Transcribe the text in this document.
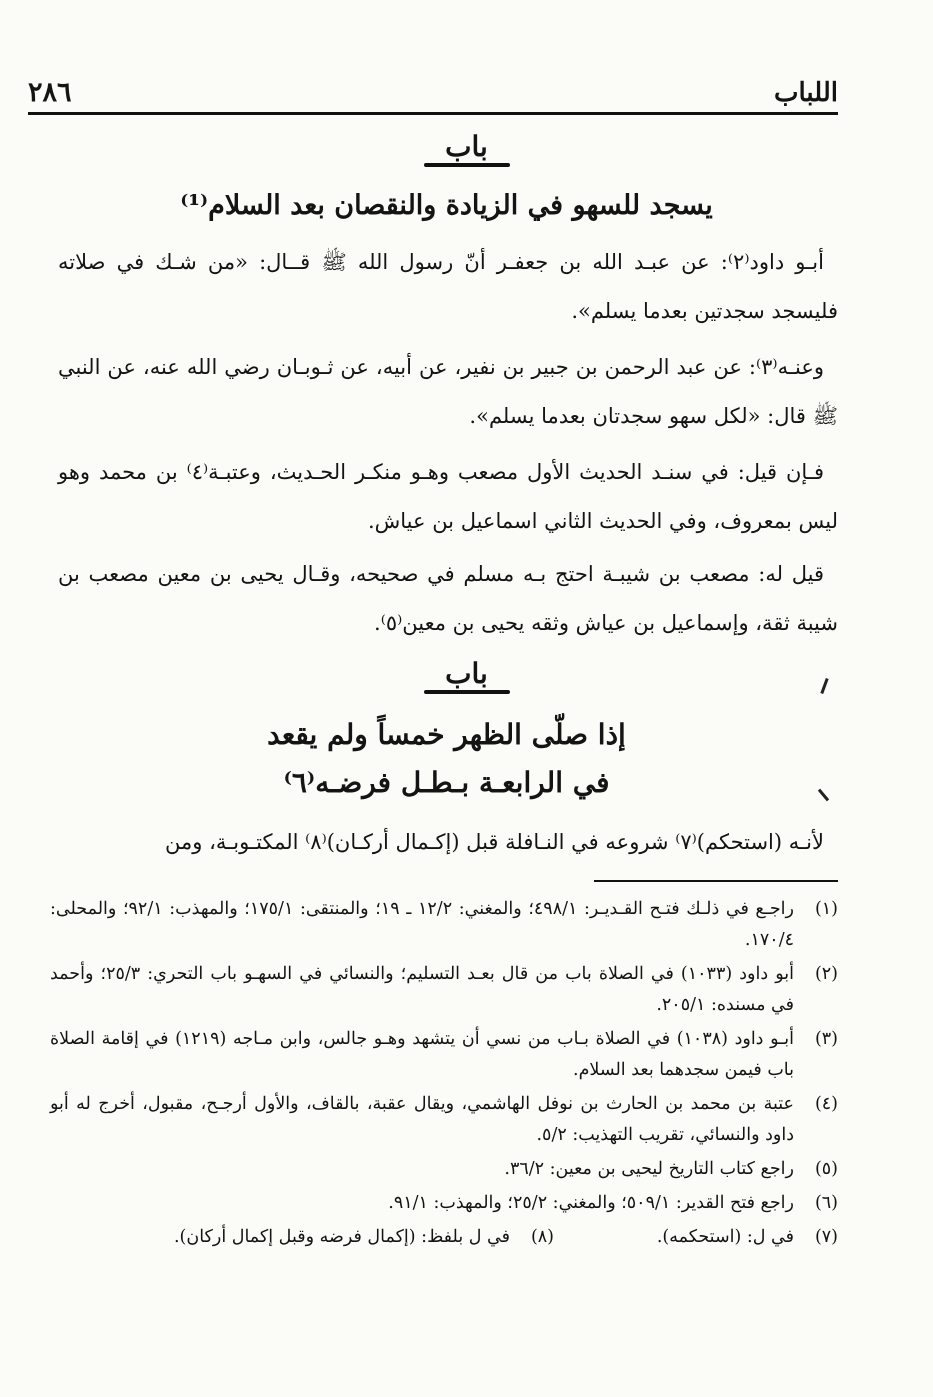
٢٨٦	اللباب
باب
يسجد للسهو في الزيادة والنقصان بعد السلام⁽¹⁾
أبـو داود⁽٢⁾: عن عبـد الله بن جعفـر أنّ رسول الله ﷺ قــال: «من شـك في صلاته فليسجد سجدتين بعدما يسلم».
وعنـه⁽٣⁾: عن عبد الرحمن بن جبير بن نفير، عن أبيه، عن ثـوبـان رضي الله عنه، عن النبي ﷺ قال: «لكل سهو سجدتان بعدما يسلم».
فـإن قيل: في سنـد الحديث الأول مصعب وهـو منكـر الحـديث، وعتبـة⁽٤⁾ بن محمد وهو ليس بمعروف، وفي الحديث الثاني اسماعيل بن عياش.
قيل له: مصعب بن شيبـة احتج بـه مسلم في صحيحه، وقـال يحيى بن معين مصعب بن شيبة ثقة، وإسماعيل بن عياش وثقه يحيى بن معين⁽٥⁾.
باب
إذا صلّى الظهر خمساً ولم يقعد
في الرابعـة بـطـل فرضـه⁽٦⁾
لأنـه (استحكم)⁽٧⁾ شروعه في النـافلة قبل (إكـمال أركـان)⁽٨⁾ المكتـوبـة، ومن
(١)
راجـع في ذلـك فتـح القـديـر: ٤٩٨/١؛ والمغني: ١٢/٢ ـ ١٩؛ والمنتقى: ١٧٥/١؛ والمهذب: ٩٢/١؛ والمحلى: ١٧٠/٤.
(٢)
أبو داود (١٠٣٣) في الصلاة باب من قال بعـد التسليم؛ والنسائي في السهـو باب التحري: ٢٥/٣؛ وأحمد في مسنده: ٢٠٥/١.
(٣)
أبـو داود (١٠٣٨) في الصلاة بـاب من نسي أن يتشهد وهـو جالس، وابن مـاجه (١٢١٩) في إقامة الصلاة باب فيمن سجدهما بعد السلام.
(٤)
عتبة بن محمد بن الحارث بن نوفل الهاشمي، ويقال عقبة، بالقاف، والأول أرجـح، مقبول، أخرج له أبو داود والنسائي، تقريب التهذيب: ٥/٢.
(٥)
راجع كتاب التاريخ ليحيى بن معين: ٣٦/٢.
(٦)
راجع فتح القدير: ٥٠٩/١؛ والمغني: ٢٥/٢؛ والمهذب: ٩١/١.
(٧)
في ل: (استحكمه).
(٨)
في ل بلفظ: (إكمال فرضه وقبل إكمال أركان).
